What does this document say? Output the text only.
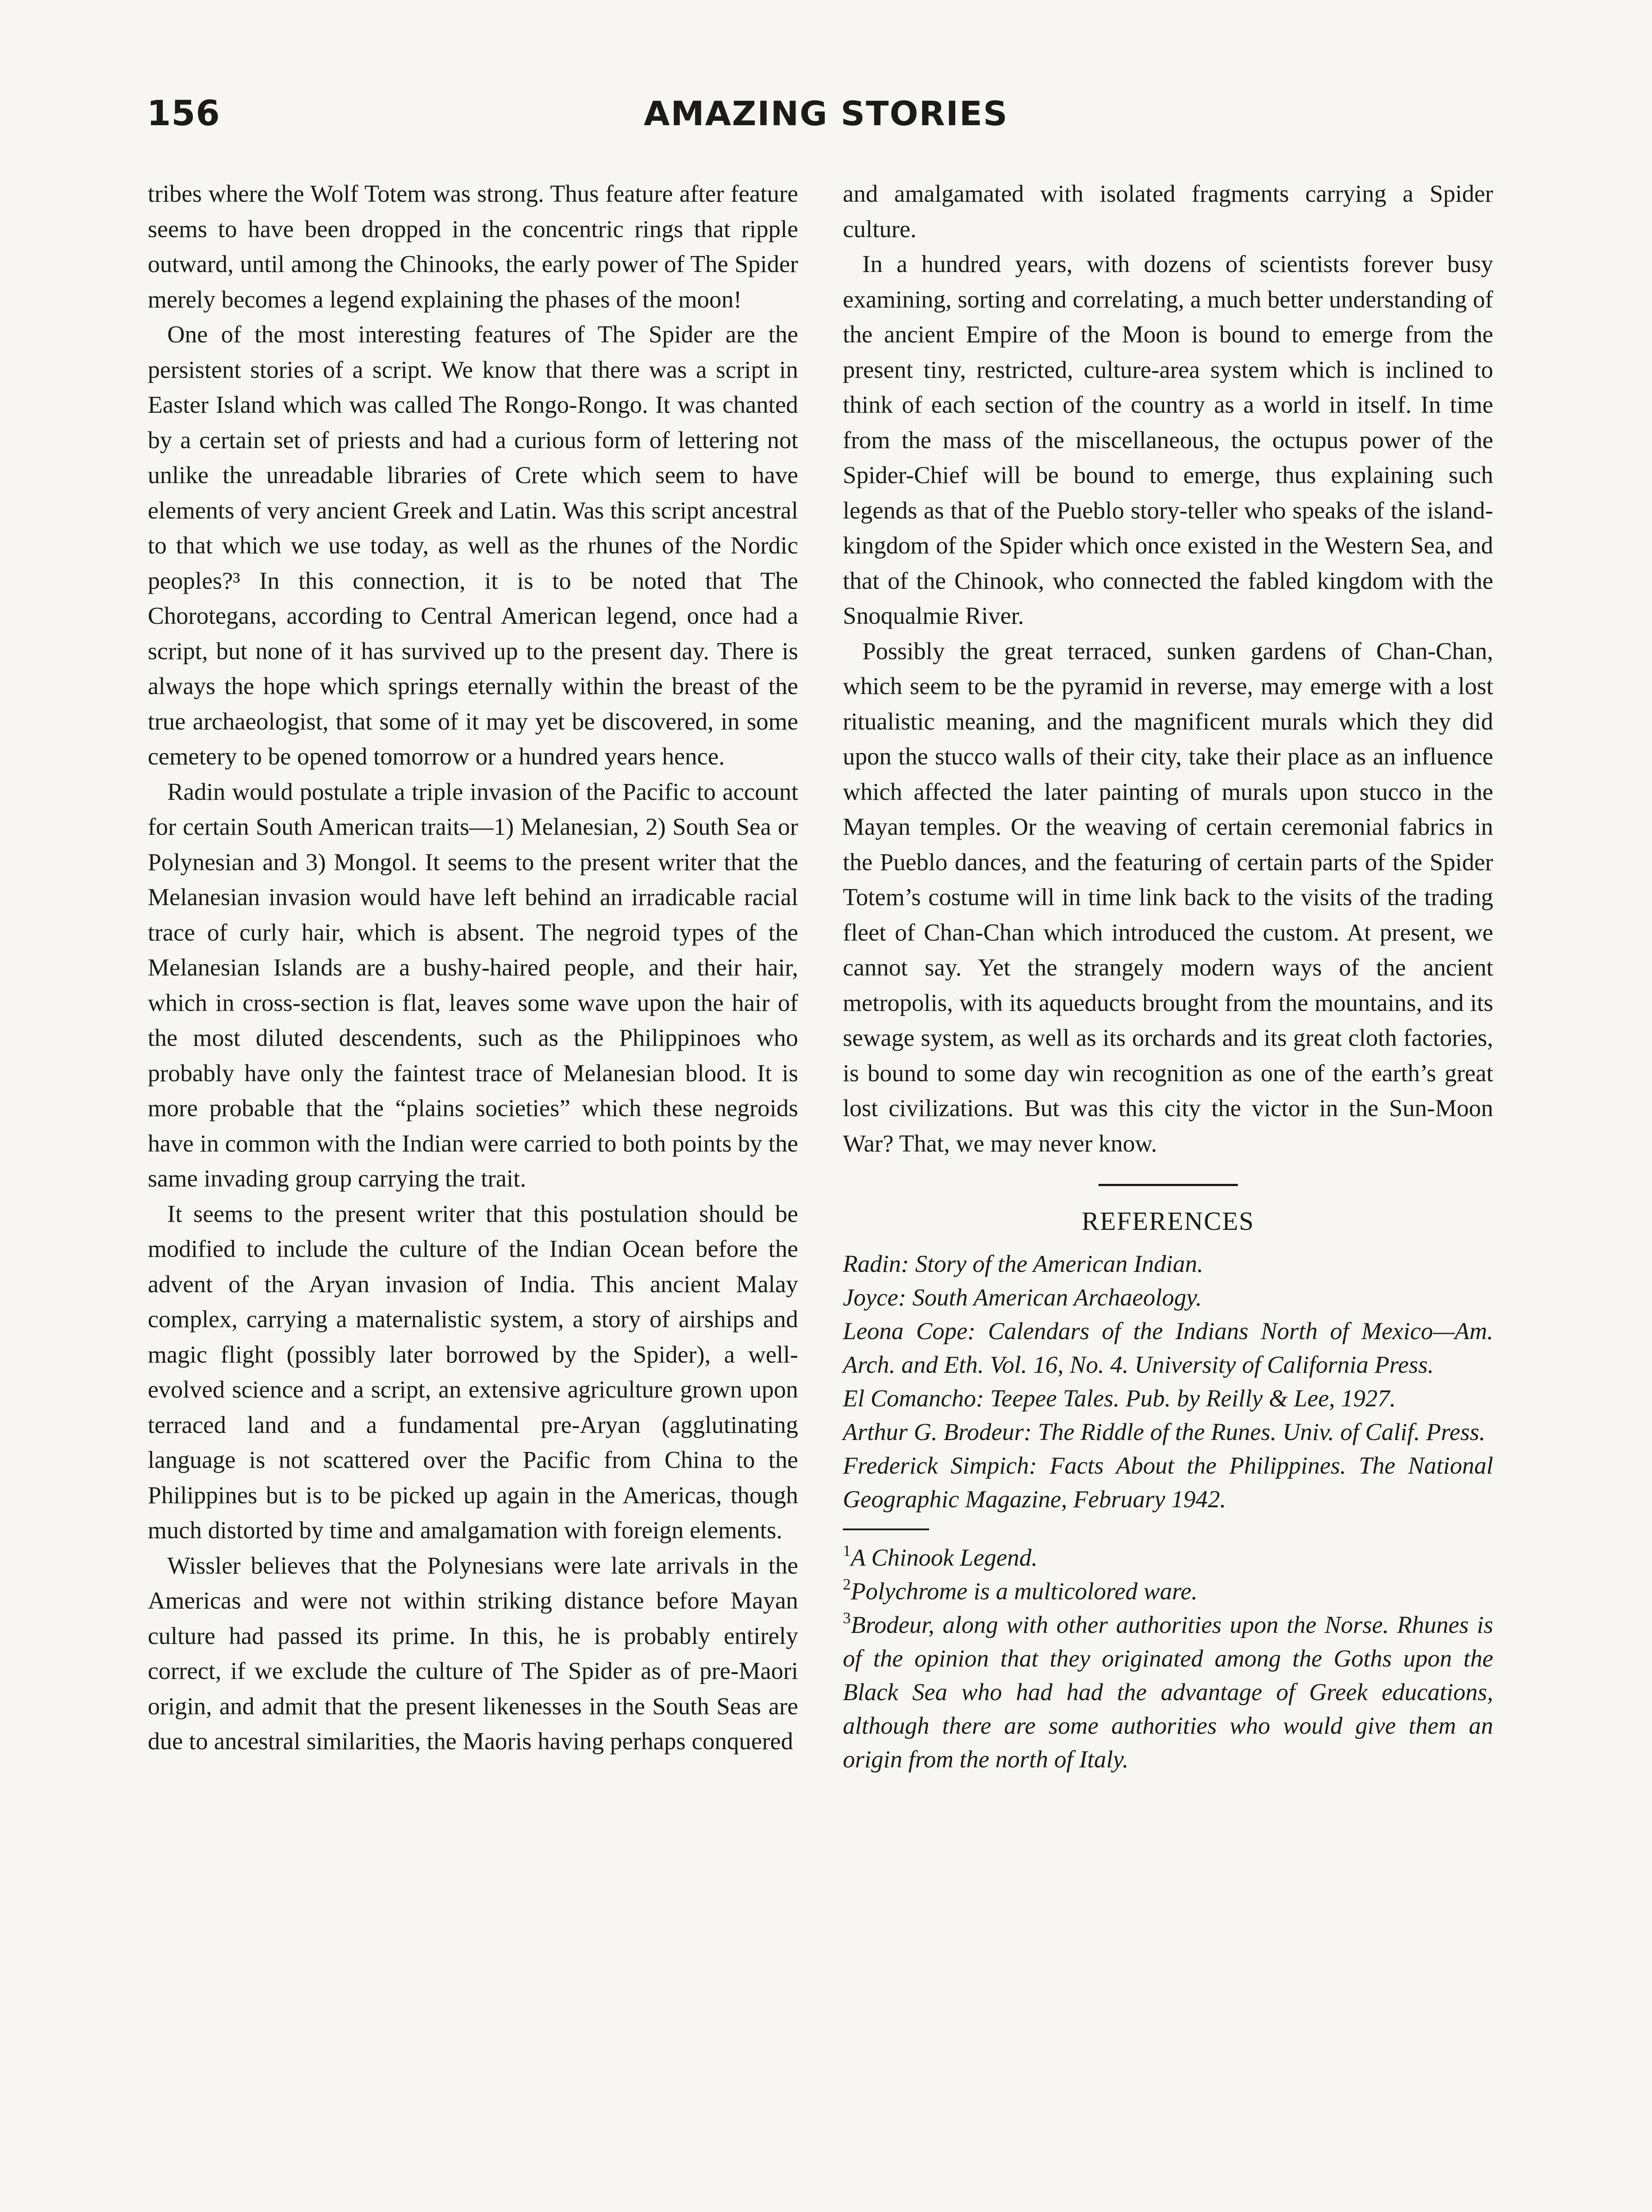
156	AMAZING STORIES

tribes where the Wolf Totem was strong. Thus feature after feature seems to have been dropped in the concentric rings that ripple outward, until among the Chinooks, the early power of The Spider merely becomes a legend explaining the phases of the moon!

One of the most interesting features of The Spider are the persistent stories of a script. We know that there was a script in Easter Island which was called The Rongo-Rongo. It was chanted by a certain set of priests and had a curious form of lettering not unlike the unreadable libraries of Crete which seem to have elements of very ancient Greek and Latin. Was this script ancestral to that which we use today, as well as the rhunes of the Nordic peoples?³ In this connection, it is to be noted that The Chorotegans, according to Central American legend, once had a script, but none of it has survived up to the present day. There is always the hope which springs eternally within the breast of the true archaeologist, that some of it may yet be discovered, in some cemetery to be opened tomorrow or a hundred years hence.

Radin would postulate a triple invasion of the Pacific to account for certain South American traits—1) Melanesian, 2) South Sea or Polynesian and 3) Mongol. It seems to the present writer that the Melanesian invasion would have left behind an irradicable racial trace of curly hair, which is absent. The negroid types of the Melanesian Islands are a bushy-haired people, and their hair, which in cross-section is flat, leaves some wave upon the hair of the most diluted descendents, such as the Philippinoes who probably have only the faintest trace of Melanesian blood. It is more probable that the “plains societies” which these negroids have in common with the Indian were carried to both points by the same invading group carrying the trait.

It seems to the present writer that this postulation should be modified to include the culture of the Indian Ocean before the advent of the Aryan invasion of India. This ancient Malay complex, carrying a maternalistic system, a story of airships and magic flight (possibly later borrowed by the Spider), a well-evolved science and a script, an extensive agriculture grown upon terraced land and a fundamental pre-Aryan (agglutinating language is not scattered over the Pacific from China to the Philippines but is to be picked up again in the Americas, though much distorted by time and amalgamation with foreign elements.

Wissler believes that the Polynesians were late arrivals in the Americas and were not within striking distance before Mayan culture had passed its prime. In this, he is probably entirely correct, if we exclude the culture of The Spider as of pre-Maori origin, and admit that the present likenesses in the South Seas are due to ancestral similarities, the Maoris having perhaps conquered

and amalgamated with isolated fragments carrying a Spider culture.

In a hundred years, with dozens of scientists forever busy examining, sorting and correlating, a much better understanding of the ancient Empire of the Moon is bound to emerge from the present tiny, restricted, culture-area system which is inclined to think of each section of the country as a world in itself. In time from the mass of the miscellaneous, the octupus power of the Spider-Chief will be bound to emerge, thus explaining such legends as that of the Pueblo story-teller who speaks of the island-kingdom of the Spider which once existed in the Western Sea, and that of the Chinook, who connected the fabled kingdom with the Snoqualmie River.

Possibly the great terraced, sunken gardens of Chan-Chan, which seem to be the pyramid in reverse, may emerge with a lost ritualistic meaning, and the magnificent murals which they did upon the stucco walls of their city, take their place as an influence which affected the later painting of murals upon stucco in the Mayan temples. Or the weaving of certain ceremonial fabrics in the Pueblo dances, and the featuring of certain parts of the Spider Totem’s costume will in time link back to the visits of the trading fleet of Chan-Chan which introduced the custom. At present, we cannot say. Yet the strangely modern ways of the ancient metropolis, with its aqueducts brought from the mountains, and its sewage system, as well as its orchards and its great cloth factories, is bound to some day win recognition as one of the earth’s great lost civilizations. But was this city the victor in the Sun-Moon War? That, we may never know.

REFERENCES

Radin: Story of the American Indian.

Joyce: South American Archaeology.

Leona Cope: Calendars of the Indians North of Mexico—Am. Arch. and Eth. Vol. 16, No. 4. University of California Press.

El Comancho: Teepee Tales. Pub. by Reilly & Lee, 1927.

Arthur G. Brodeur: The Riddle of the Runes. Univ. of Calif. Press.

Frederick Simpich: Facts About the Philippines. The National Geographic Magazine, February 1942.

$^1$A Chinook Legend.

$^2$Polychrome is a multicolored ware.

$^3$Brodeur, along with other authorities upon the Norse. Rhunes is of the opinion that they originated among the Goths upon the Black Sea who had had the advantage of Greek educations, although there are some authorities who would give them an origin from the north of Italy.
